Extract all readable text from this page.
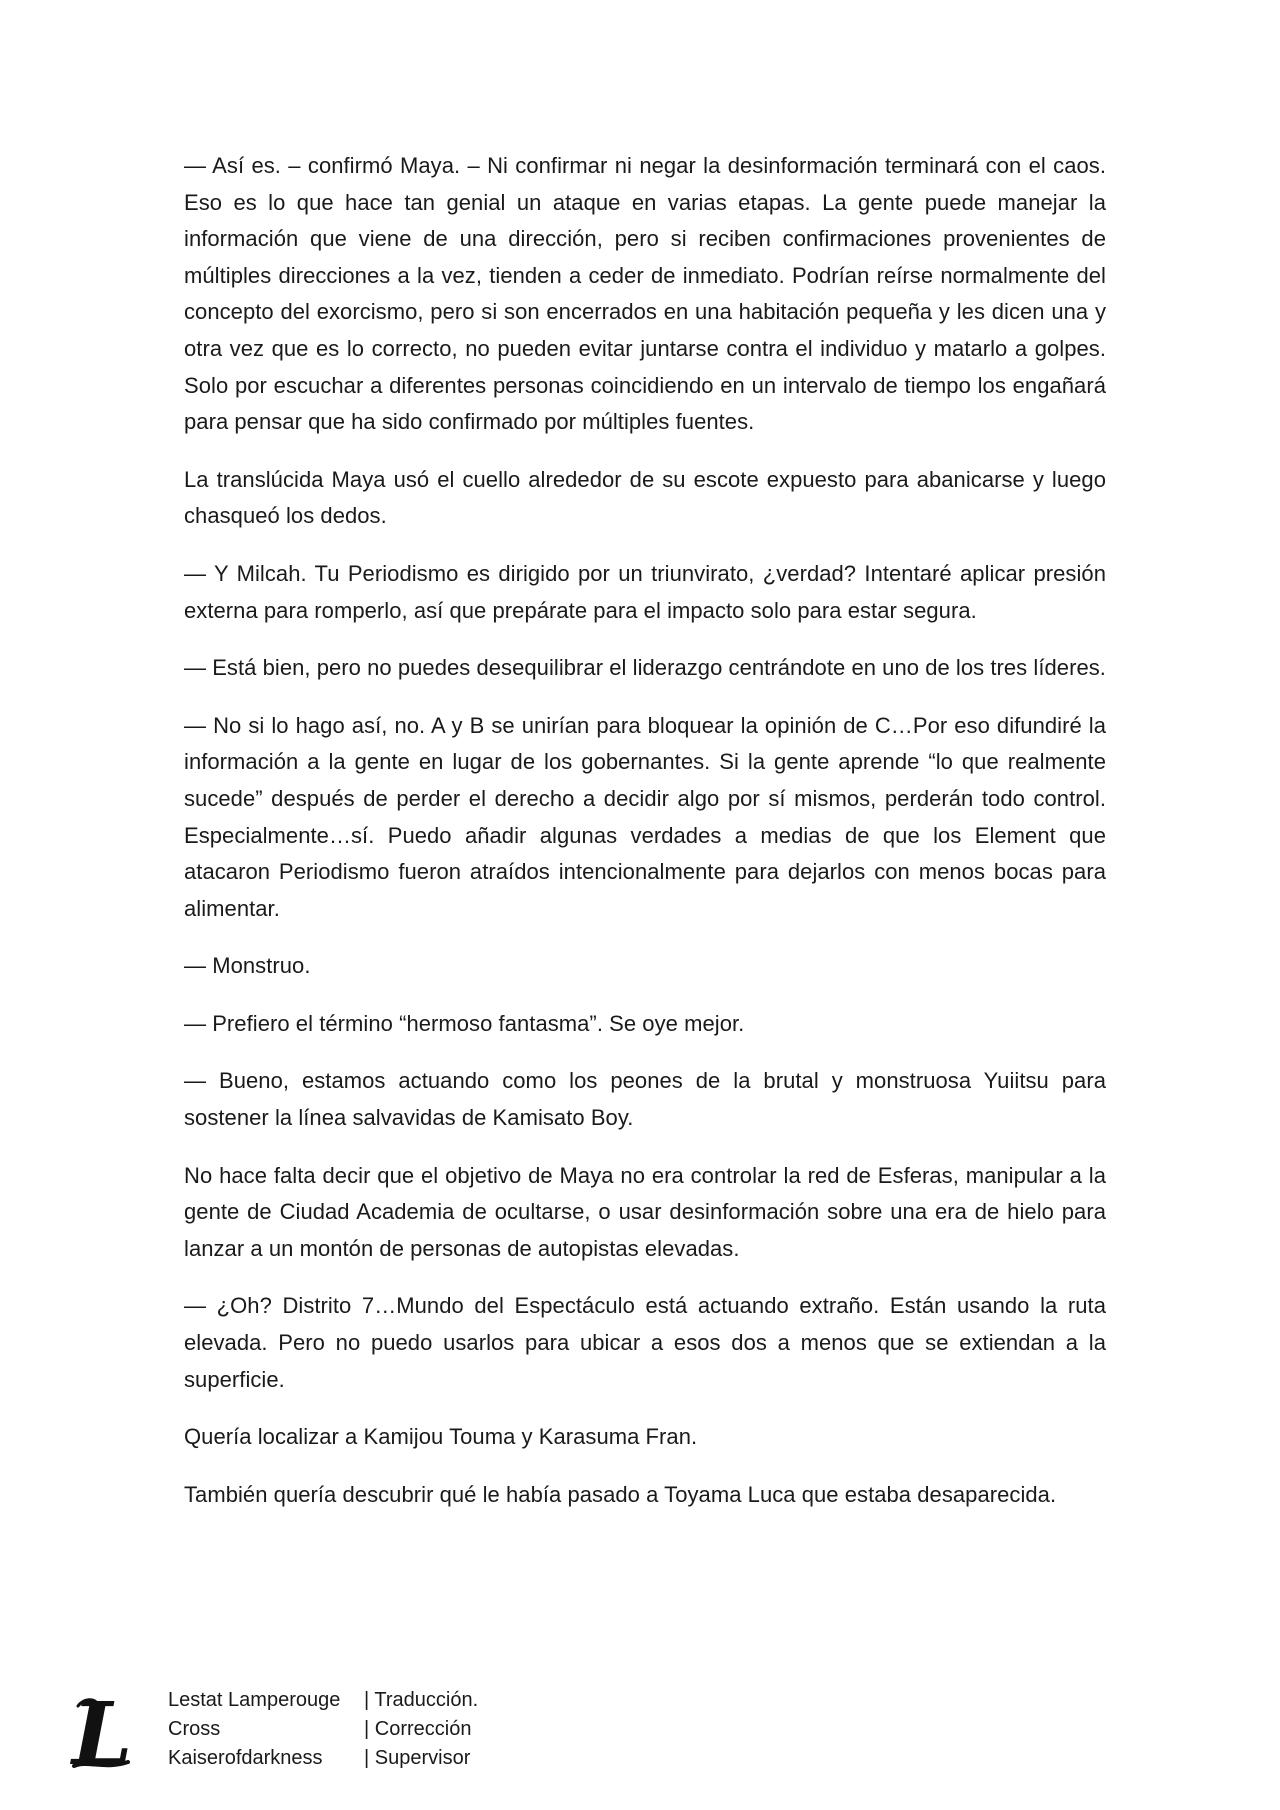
— Así es. – confirmó Maya. – Ni confirmar ni negar la desinformación terminará con el caos. Eso es lo que hace tan genial un ataque en varias etapas. La gente puede manejar la información que viene de una dirección, pero si reciben confirmaciones provenientes de múltiples direcciones a la vez, tienden a ceder de inmediato. Podrían reírse normalmente del concepto del exorcismo, pero si son encerrados en una habitación pequeña y les dicen una y otra vez que es lo correcto, no pueden evitar juntarse contra el individuo y matarlo a golpes. Solo por escuchar a diferentes personas coincidiendo en un intervalo de tiempo los engañará para pensar que ha sido confirmado por múltiples fuentes.

La translúcida Maya usó el cuello alrededor de su escote expuesto para abanicarse y luego chasqueó los dedos.

— Y Milcah. Tu Periodismo es dirigido por un triunvirato, ¿verdad? Intentaré aplicar presión externa para romperlo, así que prepárate para el impacto solo para estar segura.

— Está bien, pero no puedes desequilibrar el liderazgo centrándote en uno de los tres líderes.

— No si lo hago así, no. A y B se unirían para bloquear la opinión de C…Por eso difundiré la información a la gente en lugar de los gobernantes. Si la gente aprende “lo que realmente sucede” después de perder el derecho a decidir algo por sí mismos, perderán todo control. Especialmente…sí. Puedo añadir algunas verdades a medias de que los Element que atacaron Periodismo fueron atraídos intencionalmente para dejarlos con menos bocas para alimentar.

— Monstruo.

— Prefiero el término “hermoso fantasma”. Se oye mejor.

— Bueno, estamos actuando como los peones de la brutal y monstruosa Yuiitsu para sostener la línea salvavidas de Kamisato Boy.

No hace falta decir que el objetivo de Maya no era controlar la red de Esferas, manipular a la gente de Ciudad Academia de ocultarse, o usar desinformación sobre una era de hielo para lanzar a un montón de personas de autopistas elevadas.

— ¿Oh? Distrito 7…Mundo del Espectáculo está actuando extraño. Están usando la ruta elevada. Pero no puedo usarlos para ubicar a esos dos a menos que se extiendan a la superficie.

Quería localizar a Kamijou Touma y Karasuma Fran.

También quería descubrir qué le había pasado a Toyama Luca que estaba desaparecida.

L Lestat Lamperouge	| Traducción.
Cross	| Corrección
Kaiserofdarkness	| Supervisor
